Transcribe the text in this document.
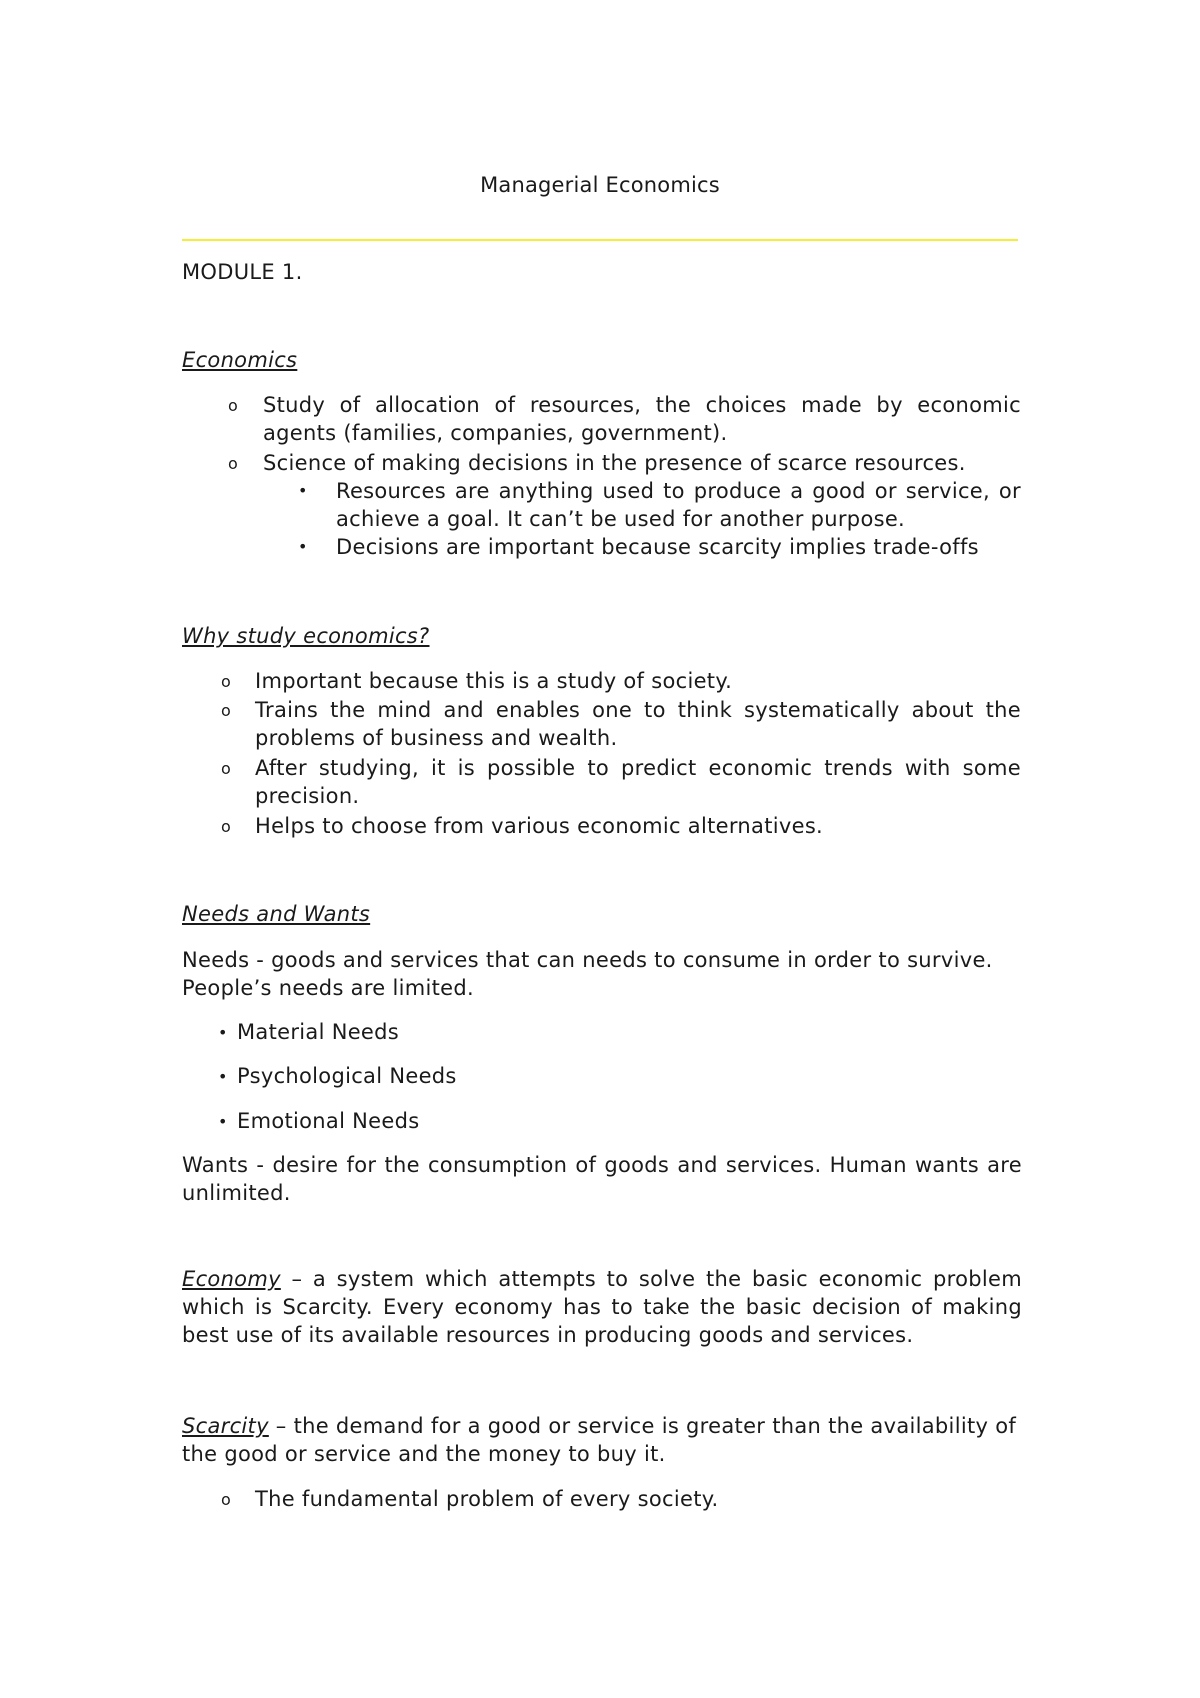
Managerial Economics
MODULE 1.
Economics
o Study of allocation of resources, the choices made by economic agents (families, companies, government).
o Science of making decisions in the presence of scarce resources.
• Resources are anything used to produce a good or service, or achieve a goal. It can’t be used for another purpose.
• Decisions are important because scarcity implies trade-offs
Why study economics?
o Important because this is a study of society.
o Trains the mind and enables one to think systematically about the problems of business and wealth.
o After studying, it is possible to predict economic trends with some precision.
o Helps to choose from various economic alternatives.
Needs and Wants
Needs - goods and services that can needs to consume in order to survive. People’s needs are limited.
• Material Needs
• Psychological Needs
• Emotional Needs
Wants - desire for the consumption of goods and services. Human wants are unlimited.
Economy – a system which attempts to solve the basic economic problem which is Scarcity. Every economy has to take the basic decision of making best use of its available resources in producing goods and services.
Scarcity – the demand for a good or service is greater than the availability of the good or service and the money to buy it.
o The fundamental problem of every society.
